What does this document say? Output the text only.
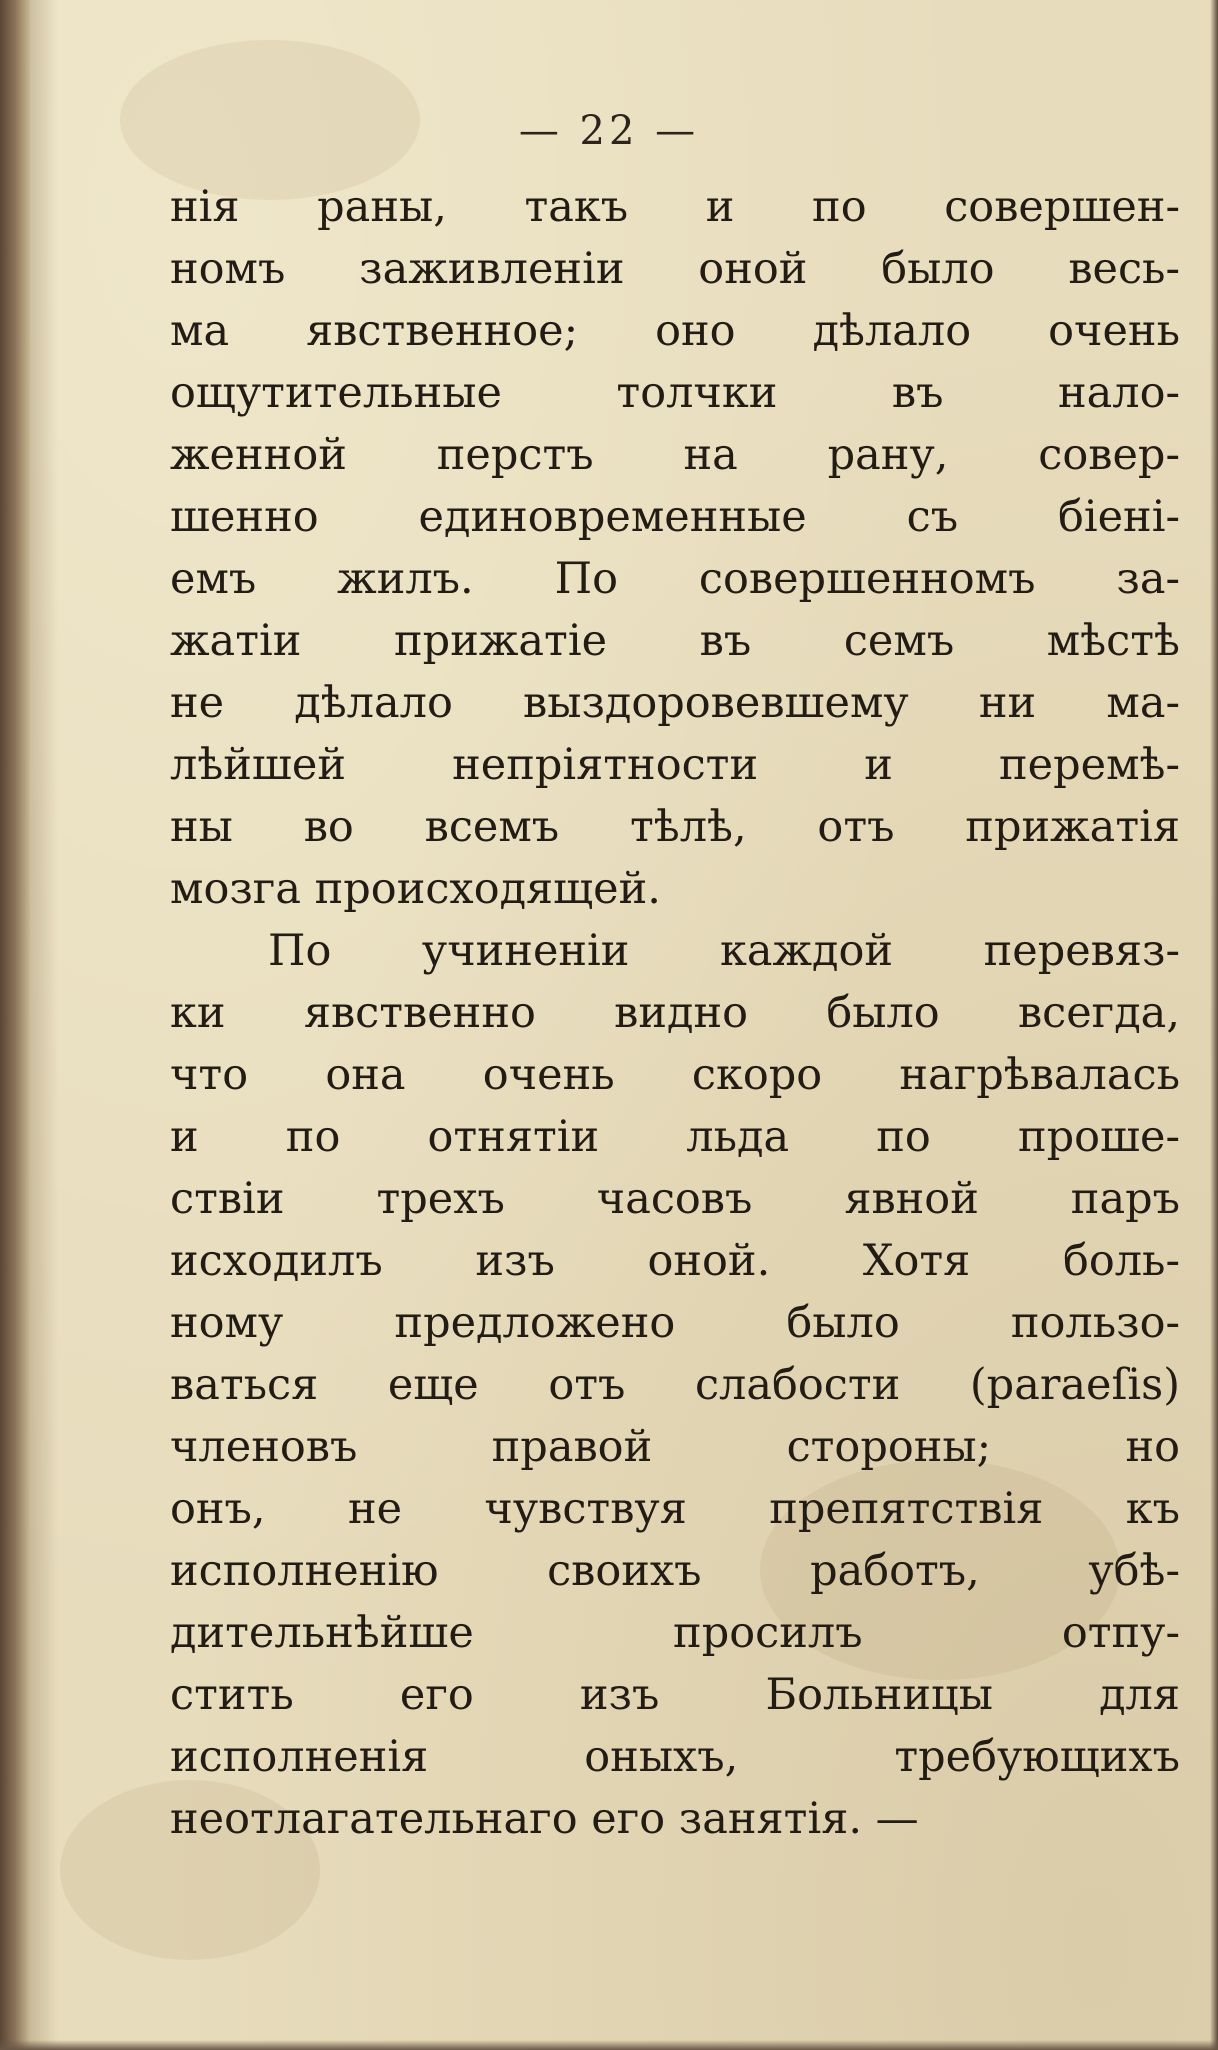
— 22 —
нія раны, такъ и по совершен-
номъ заживленіи оной было весь-
ма явственное; оно дѣлало очень
ощутительные толчки въ нало-
женной перстъ на рану, совер-
шенно единовременные съ біені-
емъ жилъ. По совершенномъ за-
жатіи прижатіе въ семъ мѣстѣ
не дѣлало выздоровевшему ни ма-
лѣйшей непріятности и перемѣ-
ны во всемъ тѣлѣ, отъ прижатія
мозга происходящей.
По учиненіи каждой перевяз-
ки явственно видно было всегда,
что она очень скоро нагрѣвалась
и по отнятіи льда по проше-
ствіи трехъ часовъ явной паръ
исходилъ изъ оной. Хотя боль-
ному предложено было пользо-
ваться еще отъ слабости (paraeſis)
членовъ правой стороны; но
онъ, не чувствуя препятствія къ
исполненію своихъ работъ, убѣ-
дительнѣйше просилъ отпу-
стить его изъ Больницы для
исполненія оныхъ, требующихъ
неотлагательнаго его занятія. —
